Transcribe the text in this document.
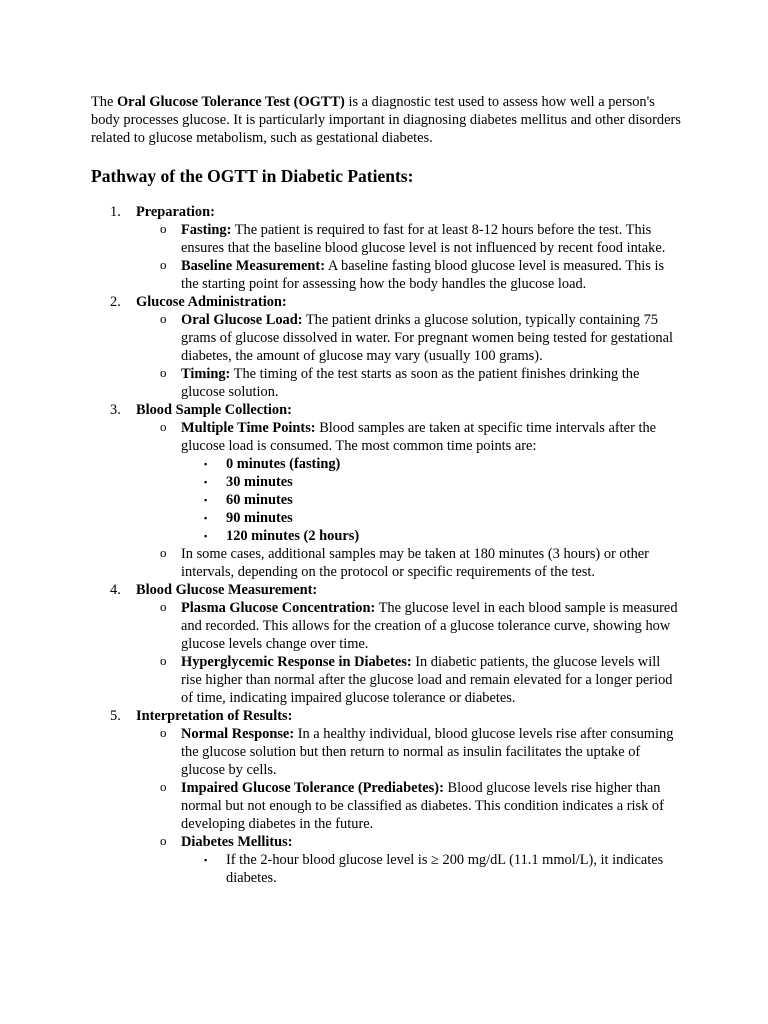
The Oral Glucose Tolerance Test (OGTT) is a diagnostic test used to assess how well a person's body processes glucose. It is particularly important in diagnosing diabetes mellitus and other disorders related to glucose metabolism, such as gestational diabetes.

Pathway of the OGTT in Diabetic Patients:
1. Preparation:
o Fasting: The patient is required to fast for at least 8-12 hours before the test. This ensures that the baseline blood glucose level is not influenced by recent food intake.
o Baseline Measurement: A baseline fasting blood glucose level is measured. This is the starting point for assessing how the body handles the glucose load.
2. Glucose Administration:
o Oral Glucose Load: The patient drinks a glucose solution, typically containing 75 grams of glucose dissolved in water. For pregnant women being tested for gestational diabetes, the amount of glucose may vary (usually 100 grams).
o Timing: The timing of the test starts as soon as the patient finishes drinking the glucose solution.
3. Blood Sample Collection:
o Multiple Time Points: Blood samples are taken at specific time intervals after the glucose load is consumed. The most common time points are:
▪ 0 minutes (fasting)
▪ 30 minutes
▪ 60 minutes
▪ 90 minutes
▪ 120 minutes (2 hours)
o In some cases, additional samples may be taken at 180 minutes (3 hours) or other intervals, depending on the protocol or specific requirements of the test.
4. Blood Glucose Measurement:
o Plasma Glucose Concentration: The glucose level in each blood sample is measured and recorded. This allows for the creation of a glucose tolerance curve, showing how glucose levels change over time.
o Hyperglycemic Response in Diabetes: In diabetic patients, the glucose levels will rise higher than normal after the glucose load and remain elevated for a longer period of time, indicating impaired glucose tolerance or diabetes.
5. Interpretation of Results:
o Normal Response: In a healthy individual, blood glucose levels rise after consuming the glucose solution but then return to normal as insulin facilitates the uptake of glucose by cells.
o Impaired Glucose Tolerance (Prediabetes): Blood glucose levels rise higher than normal but not enough to be classified as diabetes. This condition indicates a risk of developing diabetes in the future.
o Diabetes Mellitus:
▪ If the 2-hour blood glucose level is ≥ 200 mg/dL (11.1 mmol/L), it indicates diabetes.
